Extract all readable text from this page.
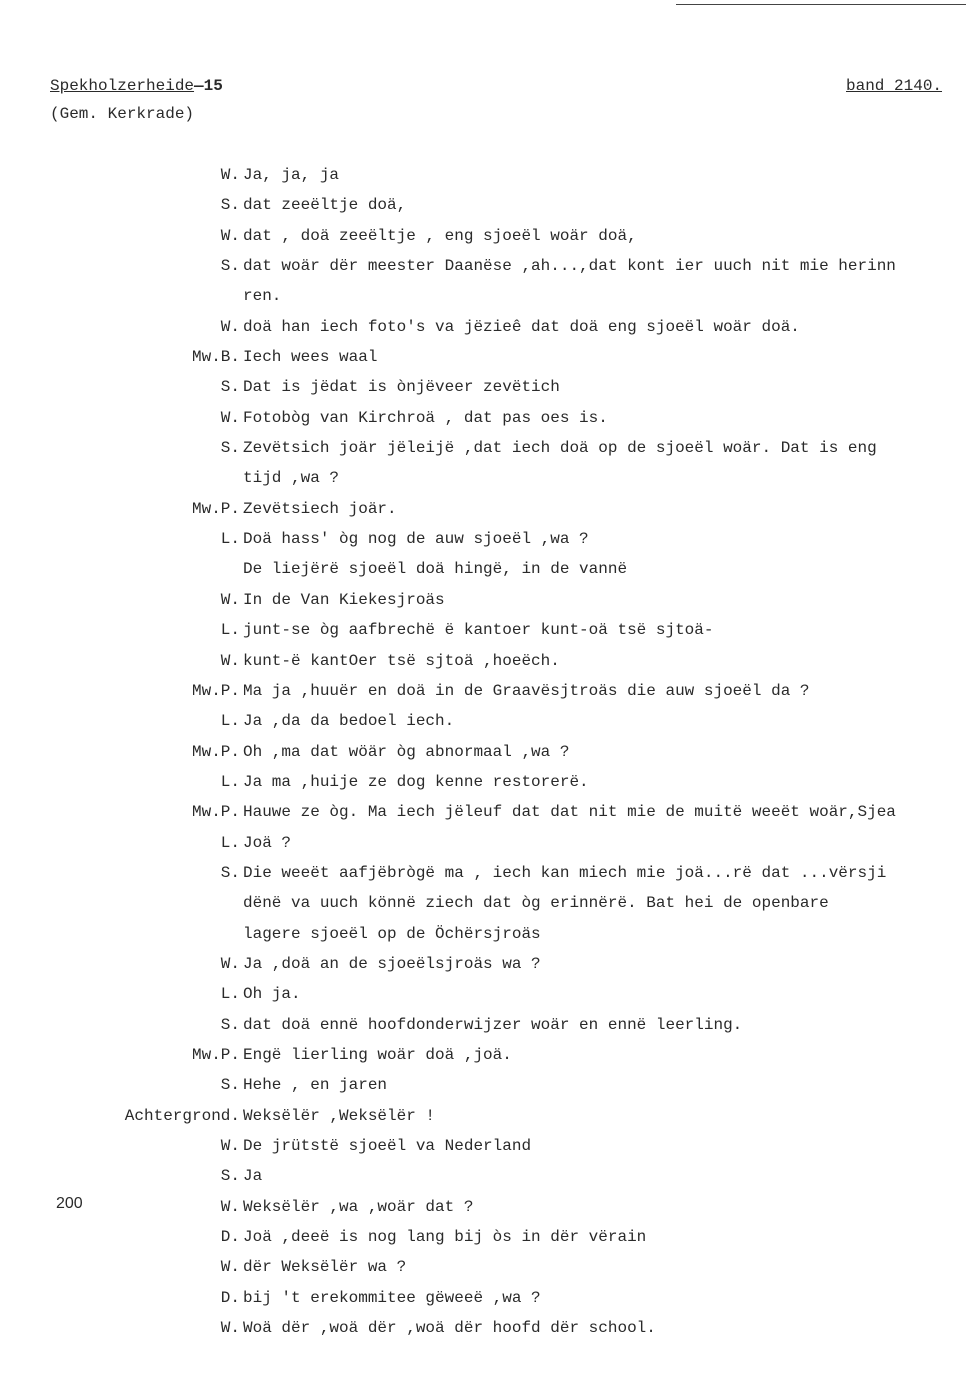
Spekholzerheide—15
(Gem. Kerkrade)
band 2140.
200
W. Ja, ja, ja
S. dat zeeëltje doä,
W. dat , doä zeeëltje , eng sjoeël woär doä,
S. dat woär dër meester Daanëse ,ah...,dat kont ier uuch nit mie herinn
ren.
W. doä han iech foto's va jëzieê dat doä eng sjoeël woär doä.
Mw.B. Iech wees waal
S. Dat is jëdat is ònjëveer zevëtich
W. Fotobòg van Kirchroä , dat pas oes is.
S. Zevëtsich joär jëleijë ,dat iech doä op de sjoeël woär. Dat is eng
tijd ,wa ?
Mw.P. Zevëtsiech joär.
L. Doä hass' òg nog de auw sjoeël ,wa ?
De liejërë sjoeël doä hingë, in de vannë
W. In de Van Kiekesjroäs
L. junt-se òg aafbrechë ë kantoer kunt-oä tsë sjtoä-
W. kunt-ë kantOer tsë sjtoä ,hoeëch.
Mw.P. Ma ja ,huuër en doä in de Graavësjtroäs die auw sjoeël da ?
L. Ja ,da da bedoel iech.
Mw.P. Oh ,ma dat wöär òg abnormaal ,wa ?
L. Ja ma ,huije ze dog kenne restorerë.
Mw.P. Hauwe ze òg. Ma iech jëleuf dat dat nit mie de muitë weeët woär,Sjea
L. Joä ?
S. Die weeët aafjëbrògë ma , iech kan miech mie joä...rë dat ...vërsji
dënë va uuch könnë ziech dat òg erinnërë. Bat hei de openbare
lagere sjoeël op de Öchërsjroäs
W. Ja ,doä an de sjoeëlsjroäs wa ?
L. Oh ja.
S. dat doä ennë hoofdonderwijzer woär en ennë leerling.
Mw.P. Engë lierling woär doä ,joä.
S. Hehe , en jaren
Achtergrond. Weksëlër ,Weksëlër !
W. De jrütstë sjoeël va Nederland
S. Ja
W. Weksëlër ,wa ,woär dat ?
D. Joä ,deeë is nog lang bij òs in dër vërain
W. dër Weksëlër wa ?
D. bij 't erekommitee gëweeë ,wa ?
W. Woä dër ,woä dër ,woä dër hoofd dër school.
